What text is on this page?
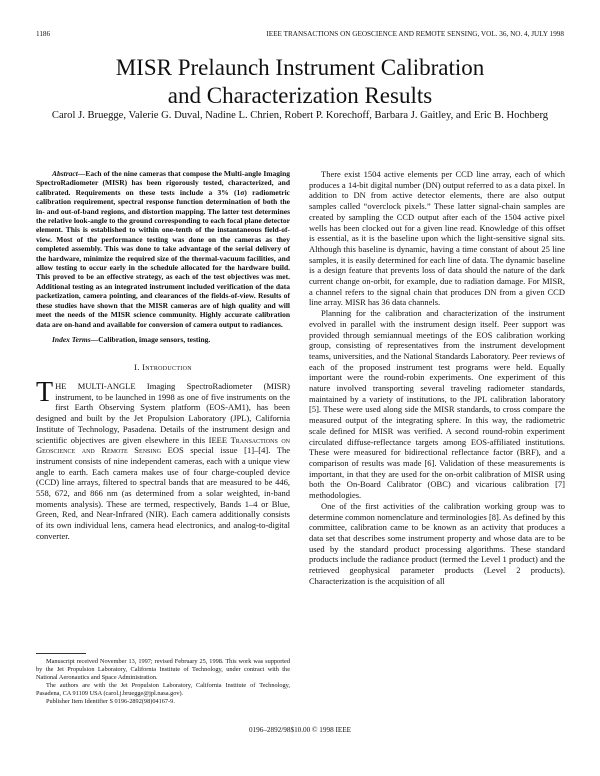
1186	IEEE TRANSACTIONS ON GEOSCIENCE AND REMOTE SENSING, VOL. 36, NO. 4, JULY 1998
MISR Prelaunch Instrument Calibration
and Characterization Results
Carol J. Bruegge, Valerie G. Duval, Nadine L. Chrien, Robert P. Korechoff, Barbara J. Gaitley, and Eric B. Hochberg

Abstract—Each of the nine cameras that compose the Multi-angle Imaging SpectroRadiometer (MISR) has been rigorously tested, characterized, and calibrated. Requirements on these tests include a 3% (1σ) radiometric calibration requirement, spectral response function determination of both the in- and out-of-band regions, and distortion mapping. The latter test determines the relative look-angle to the ground corresponding to each focal plane detector element. This is established to within one-tenth of the instantaneous field-of-view. Most of the performance testing was done on the cameras as they completed assembly. This was done to take advantage of the serial delivery of the hardware, minimize the required size of the thermal-vacuum facilities, and allow testing to occur early in the schedule allocated for the hardware build. This proved to be an effective strategy, as each of the test objectives was met. Additional testing as an integrated instrument included verification of the data packetization, camera pointing, and clearances of the fields-of-view. Results of these studies have shown that the MISR cameras are of high quality and will meet the needs of the MISR science community. Highly accurate calibration data are on-hand and available for conversion of camera output to radiances.

Index Terms—Calibration, image sensors, testing.

I. Introduction

THE MULTI-ANGLE Imaging SpectroRadiometer (MISR) instrument, to be launched in 1998 as one of five instruments on the first Earth Observing System platform (EOS-AM1), has been designed and built by the Jet Propulsion Laboratory (JPL), California Institute of Technology, Pasadena. Details of the instrument design and scientific objectives are given elsewhere in this IEEE Transactions on Geoscience and Remote Sensing EOS special issue [1]–[4]. The instrument consists of nine independent cameras, each with a unique view angle to earth. Each camera makes use of four charge-coupled device (CCD) line arrays, filtered to spectral bands that are measured to be 446, 558, 672, and 866 nm (as determined from a solar weighted, in-band moments analysis). These are termed, respectively, Bands 1–4 or Blue, Green, Red, and Near-Infrared (NIR). Each camera additionally consists of its own individual lens, camera head electronics, and analog-to-digital converter.

Manuscript received November 13, 1997; revised February 25, 1998. This work was supported by the Jet Propulsion Laboratory, California Institute of Technology, under contract with the National Aeronautics and Space Administration.

The authors are with the Jet Propulsion Laboratory, California Institute of Technology, Pasadena, CA 91109 USA (carol.j.bruegge@jpl.nasa.gov).

Publisher Item Identifier S 0196-2892(98)04167-9.

There exist 1504 active elements per CCD line array, each of which produces a 14-bit digital number (DN) output referred to as a data pixel. In addition to DN from active detector elements, there are also output samples called “overclock pixels.” These latter signal-chain samples are created by sampling the CCD output after each of the 1504 active pixel wells has been clocked out for a given line read. Knowledge of this offset is essential, as it is the baseline upon which the light-sensitive signal sits. Although this baseline is dynamic, having a time constant of about 25 line samples, it is easily determined for each line of data. The dynamic baseline is a design feature that prevents loss of data should the nature of the dark current change on-orbit, for example, due to radiation damage. For MISR, a channel refers to the signal chain that produces DN from a given CCD line array. MISR has 36 data channels.

Planning for the calibration and characterization of the instrument evolved in parallel with the instrument design itself. Peer support was provided through semiannual meetings of the EOS calibration working group, consisting of representatives from the instrument development teams, universities, and the National Standards Laboratory. Peer reviews of each of the proposed instrument test programs were held. Equally important were the round-robin experiments. One experiment of this nature involved transporting several traveling radiometer standards, maintained by a variety of institutions, to the JPL calibration laboratory [5]. These were used along side the MISR standards, to cross compare the measured output of the integrating sphere. In this way, the radiometric scale defined for MISR was verified. A second round-robin experiment circulated diffuse-reflectance targets among EOS-affiliated institutions. These were measured for bidirectional reflectance factor (BRF), and a comparison of results was made [6]. Validation of these measurements is important, in that they are used for the on-orbit calibration of MISR using both the On-Board Calibrator (OBC) and vicarious calibration [7] methodologies.

One of the first activities of the calibration working group was to determine common nomenclature and terminologies [8]. As defined by this committee, calibration came to be known as an activity that produces a data set that describes some instrument property and whose data are to be used by the standard product processing algorithms. These standard products include the radiance product (termed the Level 1 product) and the retrieved geophysical parameter products (Level 2 products). Characterization is the acquisition of all

0196–2892/98$10.00 © 1998 IEEE
